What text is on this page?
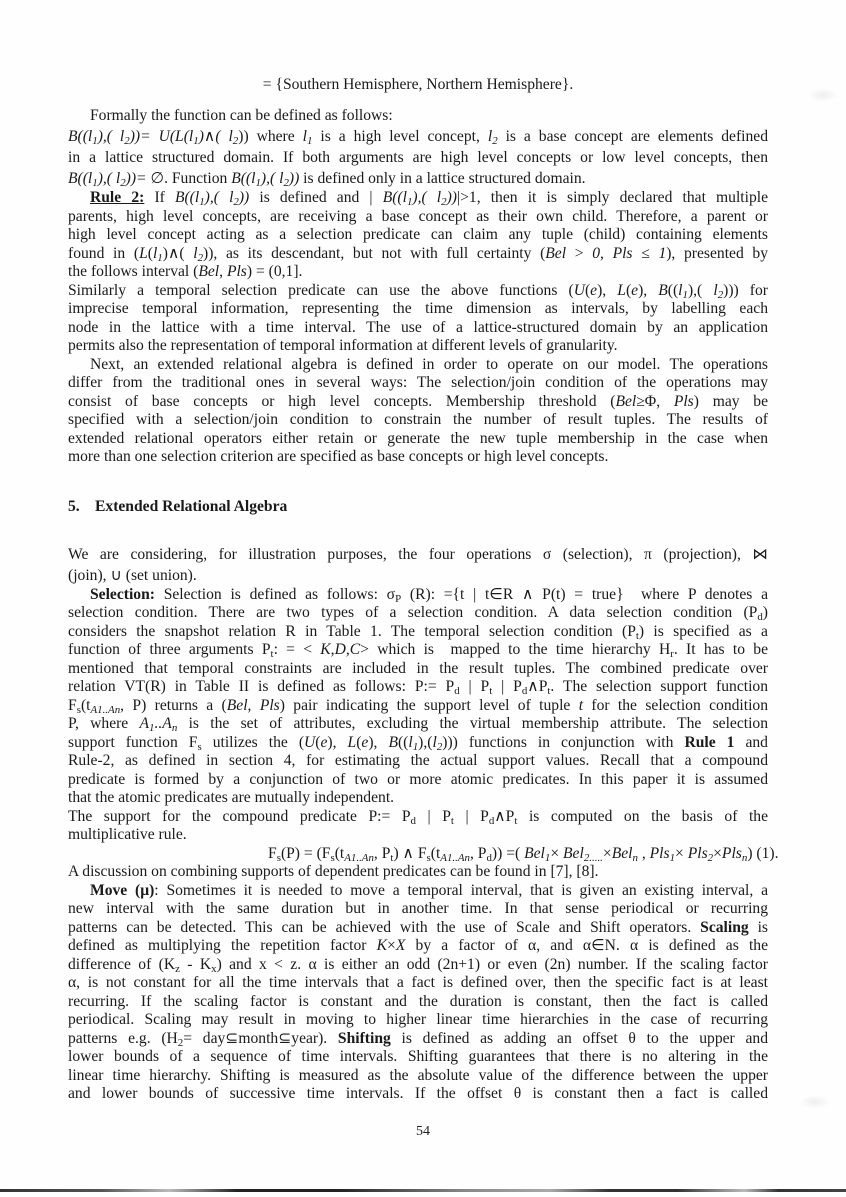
= {Southern Hemisphere, Northern Hemisphere}.
Formally the function can be defined as follows:
$B((l_1)$,( $l_2))=$ $U(L(l_1)\wedge$( $l_2$)) where $l_1$ is a high level concept, $l_2$ is a base concept are elements defined
in a lattice structured domain. If both arguments are high level concepts or low level concepts, then
$B((l_1)$,( $l_2))=$ ∅. Function $B((l_1)$,( $l_2$)) is defined only in a lattice structured domain.
Rule 2: If $B((l_1)$,( $l_2$)) is defined and | $B((l_1)$,( $l_2))|>1$, then it is simply declared that multiple
parents, high level concepts, are receiving a base concept as their own child. Therefore, a parent or
high level concept acting as a selection predicate can claim any tuple (child) containing elements
found in ($L(l_1)\wedge$( $l_2$)), as its descendant, but not with full certainty (Bel > 0, Pls ≤ 1), presented by
the follows interval (Bel, Pls) = (0,1].
Similarly a temporal selection predicate can use the above functions (U(e), L(e), $B((l_1)$,( $l_2$))) for
imprecise temporal information, representing the time dimension as intervals, by labelling each
node in the lattice with a time interval. The use of a lattice-structured domain by an application
permits also the representation of temporal information at different levels of granularity.
Next, an extended relational algebra is defined in order to operate on our model. The operations
differ from the traditional ones in several ways: The selection/join condition of the operations may
consist of base concepts or high level concepts. Membership threshold (Bel≥Φ, Pls) may be
specified with a selection/join condition to constrain the number of result tuples. The results of
extended relational operators either retain or generate the new tuple membership in the case when
more than one selection criterion are specified as base concepts or high level concepts.
We are considering, for illustration purposes, the four operations σ (selection), π (projection), ⋈
(join), ∪ (set union).
Selection: Selection is defined as follows: $\sigma_P$ (R): ={t | t∈R ∧ P(t) = true}  where P denotes a
selection condition. There are two types of a selection condition. A data selection condition $(P_d)$
considers the snapshot relation R in Table 1. The temporal selection condition $(P_t)$ is specified as a
function of three arguments $P_t$: = < K,D,C> which is  mapped to the time hierarchy $H_r$. It has to be
mentioned that temporal constraints are included in the result tuples. The combined predicate over
relation VT(R) in Table II is defined as follows: P:= $P_d$ | $P_t$ | $P_d\wedge P_t$. The selection support function
$F_s(t_{A1..An}$, P) returns a (Bel, Pls) pair indicating the support level of tuple t for the selection condition
P, where $A_1..A_n$ is the set of attributes, excluding the virtual membership attribute. The selection
support function $F_s$ utilizes the (U(e), L(e), $B((l_1),(l_2))$) functions in conjunction with Rule 1 and
Rule-2, as defined in section 4, for estimating the actual support values. Recall that a compound
predicate is formed by a conjunction of two or more atomic predicates. In this paper it is assumed
that the atomic predicates are mutually independent.
The support for the compound predicate P:= $P_d$ | $P_t$ | $P_d\wedge P_t$ is computed on the basis of the
multiplicative rule.
$F_s(P) = (F_s(t_{A1..An}$, $P_t$) ∧ $F_s(t_{A1..An}$, $P_d$)) =( Bel$_1$× Bel$_{2.....}$×Bel$_n$ , Pls$_1$× Pls$_2$×Pls$_n$) (1).
A discussion on combining supports of dependent predicates can be found in [7], [8].
Move (μ): Sometimes it is needed to move a temporal interval, that is given an existing interval, a
new interval with the same duration but in another time. In that sense periodical or recurring
patterns can be detected. This can be achieved with the use of Scale and Shift operators. Scaling is
defined as multiplying the repetition factor K×X by a factor of α, and α∈N. α is defined as the
difference of $(K_z - K_x)$ and x < z. α is either an odd (2n+1) or even (2n) number. If the scaling factor
α, is not constant for all the time intervals that a fact is defined over, then the specific fact is at least
recurring. If the scaling factor is constant and the duration is constant, then the fact is called
periodical. Scaling may result in moving to higher linear time hierarchies in the case of recurring
patterns e.g. ($H_2=$ day⊆month⊆year). Shifting is defined as adding an offset θ to the upper and
lower bounds of a sequence of time intervals. Shifting guarantees that there is no altering in the
linear time hierarchy. Shifting is measured as the absolute value of the difference between the upper
and lower bounds of successive time intervals. If the offset θ is constant then a fact is called
5. Extended Relational Algebra
54
